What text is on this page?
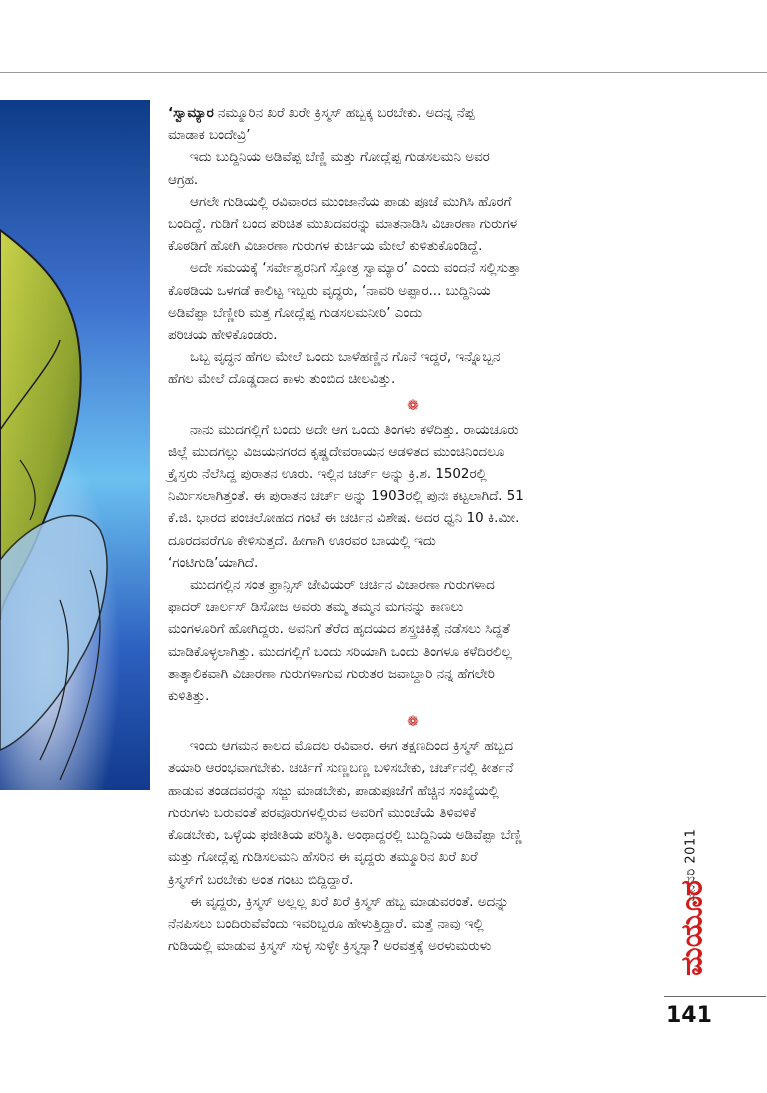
‘ಸ್ವಾಮ್ಯಾರ ನಮ್ಮೂರಿನ ಖರೆ ಖರೇ ಕ್ರಿಸ್ಮಸ್ ಹಬ್ಬಕ್ಕ ಬರಬೇಕು. ಅದನ್ನ ನೆಪ್ಪ
ಮಾಡಾಕ ಬಂದೇವ್ರಿ’

ಇದು ಬುದ್ದಿನಿಯ ಅಡಿವೆಪ್ಪ ಬೆಣ್ಣಿ ಮತ್ತು ಗೋದ್ಲೆಪ್ಪ ಗುಡಸಲಮನಿ ಅವರ
ಆಗ್ರಹ.

ಆಗಲೇ ಗುಡಿಯಲ್ಲಿ ರವಿವಾರದ ಮುಂಜಾನೆಯ ಪಾಡು ಪೂಜೆ ಮುಗಿಸಿ ಹೊರಗೆ
ಬಂದಿದ್ದೆ. ಗುಡಿಗೆ ಬಂದ ಪರಿಚಿತ ಮುಖದವರನ್ನು ಮಾತನಾಡಿಸಿ ವಿಚಾರಣಾ ಗುರುಗಳ
ಕೊಠಡಿಗೆ ಹೋಗಿ ವಿಚಾರಣಾ ಗುರುಗಳ ಕುರ್ಚಿಯ ಮೇಲೆ ಕುಳಿತುಕೊಂಡಿದ್ದೆ.

ಅದೇ ಸಮಯಕ್ಕೆ ‘ಸರ್ವೇಶ್ವರನಿಗೆ ಸ್ತೋತ್ರ ಸ್ವಾಮ್ಯಾರ’ ಎಂದು ವಂದನೆ ಸಲ್ಲಿಸುತ್ತಾ
ಕೊಠಡಿಯ ಒಳಗಡೆ ಕಾಲಿಟ್ಟ ಇಬ್ಬರು ವೃದ್ಧರು, ‘ನಾವರಿ ಅಪ್ಪಾರ... ಬುದ್ದಿನಿಯ
ಅಡಿವೆಪ್ಪಾ ಬೆಣ್ಣೀರಿ ಮತ್ತ ಗೋದ್ಲೆಪ್ಪ ಗುಡಸಲಮನೀರಿ’ ಎಂದು
ಪರಿಚಯ ಹೇಳಿಕೊಂಡರು.

ಒಬ್ಬ ವೃದ್ಧನ ಹೆಗಲ ಮೇಲೆ ಒಂದು ಬಾಳೆಹಣ್ಣಿನ ಗೊನೆ ಇದ್ದರೆ, ಇನ್ನೊಬ್ಬನ
ಹೆಗಲ ಮೇಲೆ ದೊಡ್ಡದಾದ ಕಾಳು ತುಂಬಿದ ಚೀಲವಿತ್ತು.

❁

ನಾನು ಮುದಗಲ್ಲಿಗೆ ಬಂದು ಅದೇ ಆಗ ಒಂದು ತಿಂಗಳು ಕಳೆದಿತ್ತು. ರಾಯಚೂರು
ಜಿಲ್ಲೆ ಮುದಗಲ್ಲು ವಿಜಯನಗರದ ಕೃಷ್ಣದೇವರಾಯನ ಆಡಳಿತದ ಮುಂಚಿನಿಂದಲೂ
ಕ್ರೈಸ್ತರು ನೆಲೆಸಿದ್ದ ಪುರಾತನ ಊರು. ಇಲ್ಲಿನ ಚರ್ಚ್ ಅನ್ನು ಕ್ರಿ.ಶ. 1502ರಲ್ಲಿ
ನಿರ್ಮಿಸಲಾಗಿತ್ತಂತೆ. ಈ ಪುರಾತನ ಚರ್ಚ್ ಅನ್ನು 1903ರಲ್ಲಿ ಪುನಃ ಕಟ್ಟಲಾಗಿದೆ. 51
ಕೆ.ಜಿ. ಭಾರದ ಪಂಚಲೋಹದ ಗಂಟೆ ಈ ಚರ್ಚಿನ ವಿಶೇಷ. ಅದರ ಧ್ವನಿ 10 ಕಿ.ಮೀ.
ದೂರದವರೆಗೂ ಕೇಳಿಸುತ್ತದೆ. ಹೀಗಾಗಿ ಊರವರ ಬಾಯಲ್ಲಿ ಇದು
‘ಗಂಟಿಗುಡಿ’ಯಾಗಿದೆ.

ಮುದಗಲ್ಲಿನ ಸಂತ ಫ್ರಾನ್ಸಿಸ್ ಜೇವಿಯರ್ ಚರ್ಚಿನ ವಿಚಾರಣಾ ಗುರುಗಳಾದ
ಫಾದರ್ ಚಾರ್ಲಸ್ ಡಿಸೋಜ ಅವರು ತಮ್ಮ ತಮ್ಮನ ಮಗನನ್ನು ಕಾಣಲು
ಮಂಗಳೂರಿಗೆ ಹೋಗಿದ್ದರು. ಅವನಿಗೆ ತೆರೆದ ಹೃದಯದ ಶಸ್ತ್ರಚಿಕಿತ್ಸೆ ನಡೆಸಲು ಸಿದ್ದತೆ
ಮಾಡಿಕೊಳ್ಳಲಾಗಿತ್ತು. ಮುದಗಲ್ಲಿಗೆ ಬಂದು ಸರಿಯಾಗಿ ಒಂದು ತಿಂಗಳೂ ಕಳೆದಿರಲಿಲ್ಲ
ತಾತ್ಕಾಲಿಕವಾಗಿ ವಿಚಾರಣಾ ಗುರುಗಳಾಗುವ ಗುರುತರ ಜವಾಬ್ದಾರಿ ನನ್ನ ಹೆಗಲೇರಿ
ಕುಳಿತಿತ್ತು.

❁

ಇಂದು ಆಗಮನ ಕಾಲದ ಮೊದಲ ರವಿವಾರ. ಈಗ ತಕ್ಷಣದಿಂದ ಕ್ರಿಸ್ಮಸ್ ಹಬ್ಬದ
ತಯಾರಿ ಆರಂಭವಾಗಬೇಕು. ಚರ್ಚಿಗೆ ಸುಣ್ಣಬಣ್ಣ ಬಳಿಸಬೇಕು, ಚರ್ಚ್‌ನಲ್ಲಿ ಕೀರ್ತನೆ
ಹಾಡುವ ತಂಡದವರನ್ನು ಸಜ್ಜು ಮಾಡಬೇಕು, ಪಾಡುಪೂಜೆಗೆ ಹೆಚ್ಚಿನ ಸಂಖ್ಯೆಯಲ್ಲಿ
ಗುರುಗಳು ಬರುವಂತೆ ಪರವೂರುಗಳಲ್ಲಿರುವ ಅವರಿಗೆ ಮುಂಚೆಯೆ ತಿಳಿವಳಿಕೆ
ಕೊಡಬೇಕು, ಒಳ್ಳೆಯ ಫಜೀತಿಯ ಪರಿಸ್ಥಿತಿ. ಅಂಥಾದ್ದರಲ್ಲಿ ಬುದ್ದಿನಿಯ ಅಡಿವೆಪ್ಪಾ ಬೆಣ್ಣಿ
ಮತ್ತು ಗೋದ್ಲೆಪ್ಪ ಗುಡಿಸಲಮನಿ ಹೆಸರಿನ ಈ ವೃದ್ದರು ತಮ್ಮೂರಿನ ಖರೆ ಖರೆ
ಕ್ರಿಸ್ಮಸ್‌ಗೆ ಬರಬೇಕು ಅಂತ ಗಂಟು ಬಿದ್ದಿದ್ದಾರೆ.

ಈ ವೃದ್ದರು, ಕ್ರಿಸ್ಮಸ್ ಅಲ್ಲಲ್ಲ ಖರೆ ಖರೆ ಕ್ರಿಸ್ಮಸ್ ಹಬ್ಬ ಮಾಡುವರಂತೆ. ಅದನ್ನು
ನೆನಪಿಸಲು ಬಂದಿರುವೆವೆಂದು ಇವರಿಬ್ಬರೂ ಹೇಳುತ್ತಿದ್ದಾರೆ. ಮತ್ತೆ ನಾವು ಇಲ್ಲಿ
ಗುಡಿಯಲ್ಲಿ ಮಾಡುವ ಕ್ರಿಸ್ಮಸ್ ಸುಳ್ಳ ಸುಳ್ಳೇ ಕ್ರಿಸ್ಮಸ್ಸಾ? ಅರವತ್ತಕ್ಕೆ ಅರಳುಮರುಳು

ಜನವರಿ 2011
ಮಯೂರ
141
